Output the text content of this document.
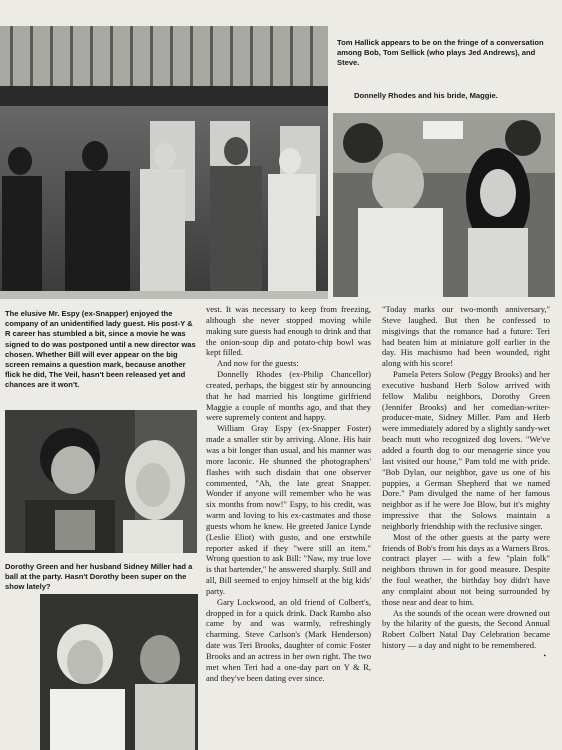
Tom Hallick appears to be on the fringe of a conversation among Bob, Tom Sellick (who plays Jed Andrews), and Steve.

Donnelly Rhodes and his bride, Maggie.

The elusive Mr. Espy (ex-Snapper) enjoyed the company of an unidentified lady guest. His post-Y & R career has stumbled a bit, since a movie he was signed to do was postponed until a new director was chosen. Whether Bill will ever appear on the big screen remains a question mark, because another flick he did, The Veil, hasn't been released yet and chances are it won't.

Dorothy Green and her husband Sidney Miller had a ball at the party. Hasn't Dorothy been super on the show lately?

vest. It was necessary to keep from freezing, although she never stopped moving while making sure guests had enough to drink and that the onion-soup dip and potato-chip bowl was kept filled.

And now for the guests:

Donnelly Rhodes (ex-Philip Chancellor) created, perhaps, the biggest stir by announcing that he had married his longtime girlfriend Maggie a couple of months ago, and that they were supremely content and happy.

William Gray Espy (ex-Snapper Foster) made a smaller stir by arriving. Alone. His hair was a bit longer than usual, and his manner was more laconic. He shunned the photographers' flashes with such disdain that one observer commented, "Ah, the late great Snapper. Wonder if anyone will remember who he was six months from now!" Espy, to his credit, was warm and loving to his ex-castmates and those guests whom he knew. He greeted Janice Lynde (Leslie Eliot) with gusto, and one erstwhile reporter asked if they "were still an item." Wrong question to ask Bill: "Naw, my true love is that bartender," he answered sharply. Still and all, Bill seemed to enjoy himself at the big kids' party.

Gary Lockwood, an old friend of Colbert's, dropped in for a quick drink. Dack Rambo also came by and was warmly, refreshingly charming. Steve Carlson's (Mark Henderson) date was Teri Brooks, daughter of comic Foster Brooks and an actress in her own right. The two met when Teri had a one-day part on Y & R, and they've been dating ever since.

"Today marks our two-month anniversary," Steve laughed. But then he confessed to misgivings that the romance had a future: Teri had beaten him at miniature golf earlier in the day. His machismo had been wounded, right along with his score!

Pamela Peters Solow (Peggy Brooks) and her executive husband Herb Solow arrived with fellow Malibu neighbors, Dorothy Green (Jennifer Brooks) and her comedian-writer-producer-mate, Sidney Miller. Pam and Herb were immediately adored by a slightly sandy-wet beach mutt who recognized dog lovers. "We've added a fourth dog to our menagerie since you last visited our house," Pam told me with pride. "Bob Dylan, our neighbor, gave us one of his puppies, a German Shepherd that we named Dore." Pam divulged the name of her famous neighbor as if he were Joe Blow, but it's mighty impressive that the Solows maintain a neighborly friendship with the reclusive singer.

Most of the other guests at the party were friends of Bob's from his days as a Warners Bros. contract player — with a few "plain folk" neighbors thrown in for good measure. Despite the foul weather, the birthday boy didn't have any complaint about not being surrounded by those near and dear to him.

As the sounds of the ocean were drowned out by the hilarity of the guests, the Second Annual Robert Colbert Natal Day Celebration became history — a day and night to be remembered.

•
